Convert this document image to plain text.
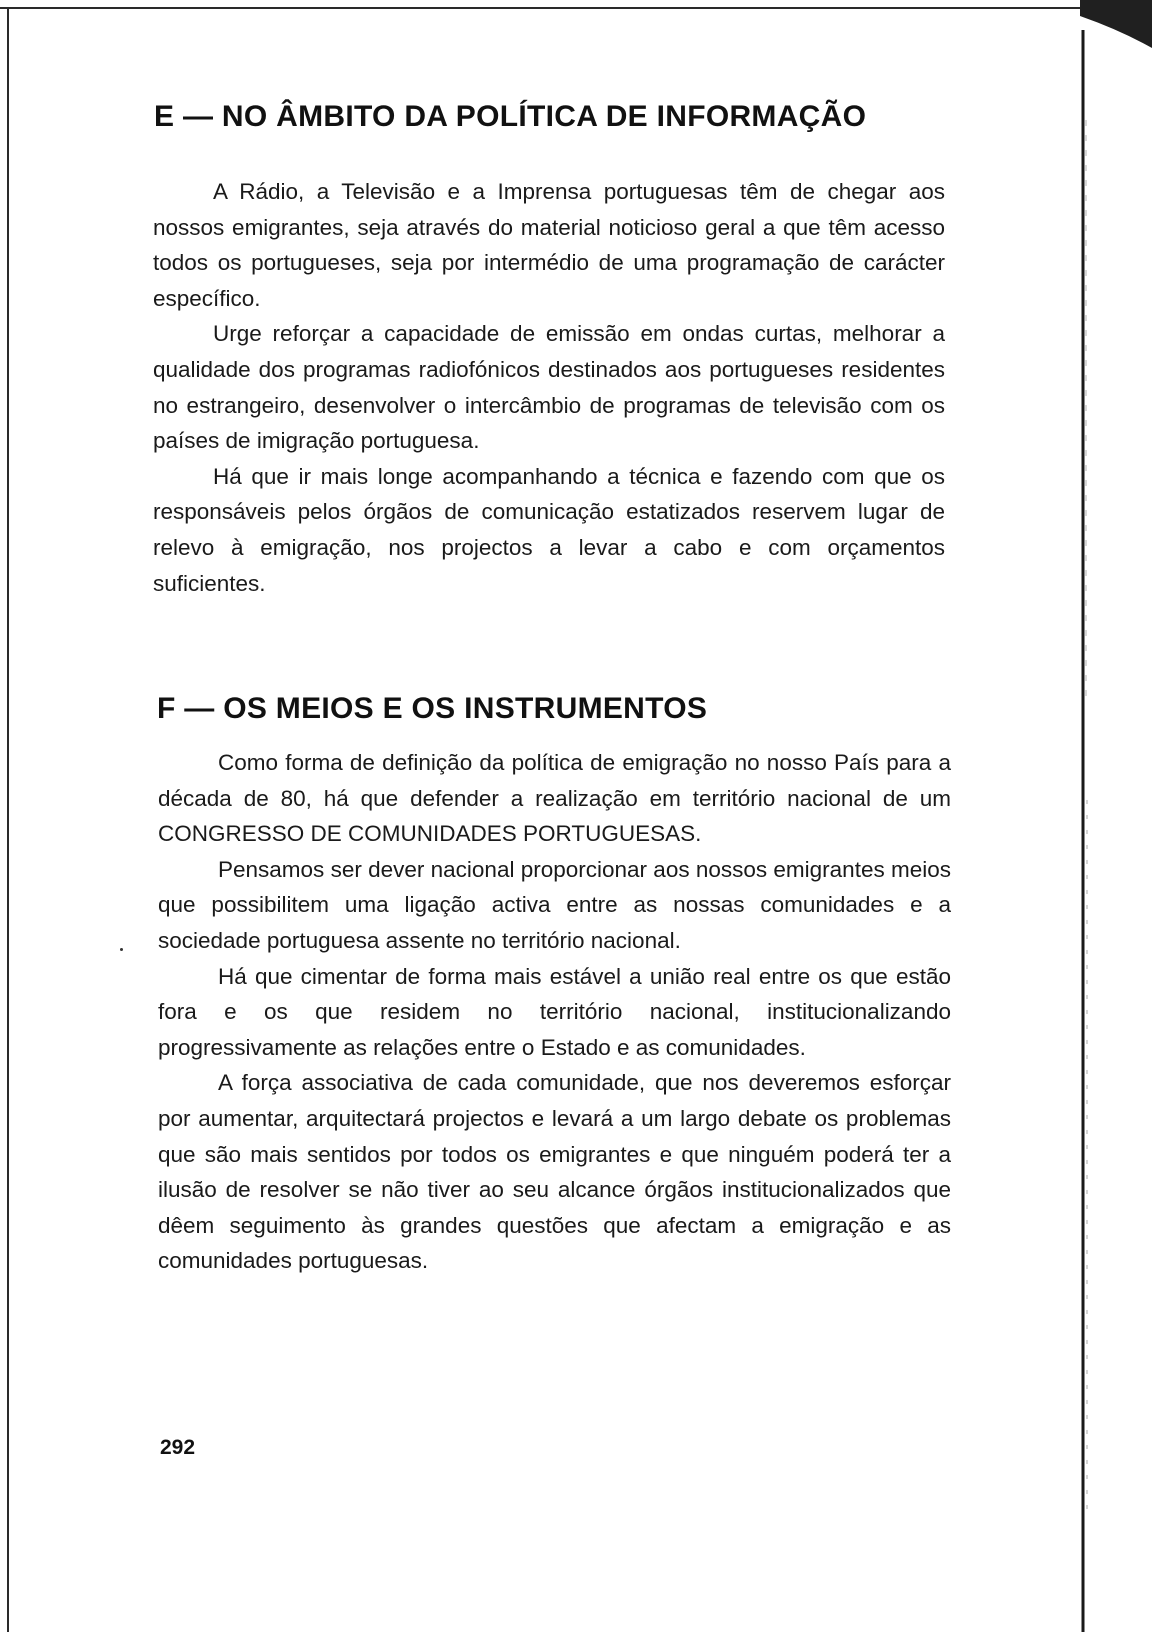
E — NO ÂMBITO DA POLÍTICA DE INFORMAÇÃO

A Rádio, a Televisão e a Imprensa portuguesas têm de chegar aos nossos emigrantes, seja através do material noticioso geral a que têm acesso todos os portugueses, seja por intermédio de uma programação de carácter específico.

Urge reforçar a capacidade de emissão em ondas curtas, melhorar a qualidade dos programas radiofónicos destinados aos portugueses residentes no estrangeiro, desenvolver o intercâmbio de programas de televisão com os países de imigração portuguesa.

Há que ir mais longe acompanhando a técnica e fazendo com que os responsáveis pelos órgãos de comunicação estatizados reservem lugar de relevo à emigração, nos projectos a levar a cabo e com orçamentos suficientes.

F — OS MEIOS E OS INSTRUMENTOS

Como forma de definição da política de emigração no nosso País para a década de 80, há que defender a realização em território nacional de um CONGRESSO DE COMUNIDADES PORTUGUESAS.

Pensamos ser dever nacional proporcionar aos nossos emigrantes meios que possibilitem uma ligação activa entre as nossas comunidades e a sociedade portuguesa assente no território nacional.

Há que cimentar de forma mais estável a união real entre os que estão fora e os que residem no território nacional, institucionalizando progressivamente as relações entre o Estado e as comunidades.

A força associativa de cada comunidade, que nos deveremos esforçar por aumentar, arquitectará projectos e levará a um largo debate os problemas que são mais sentidos por todos os emigrantes e que ninguém poderá ter a ilusão de resolver se não tiver ao seu alcance órgãos institucionalizados que dêem seguimento às grandes questões que afectam a emigração e as comunidades portuguesas.

292
